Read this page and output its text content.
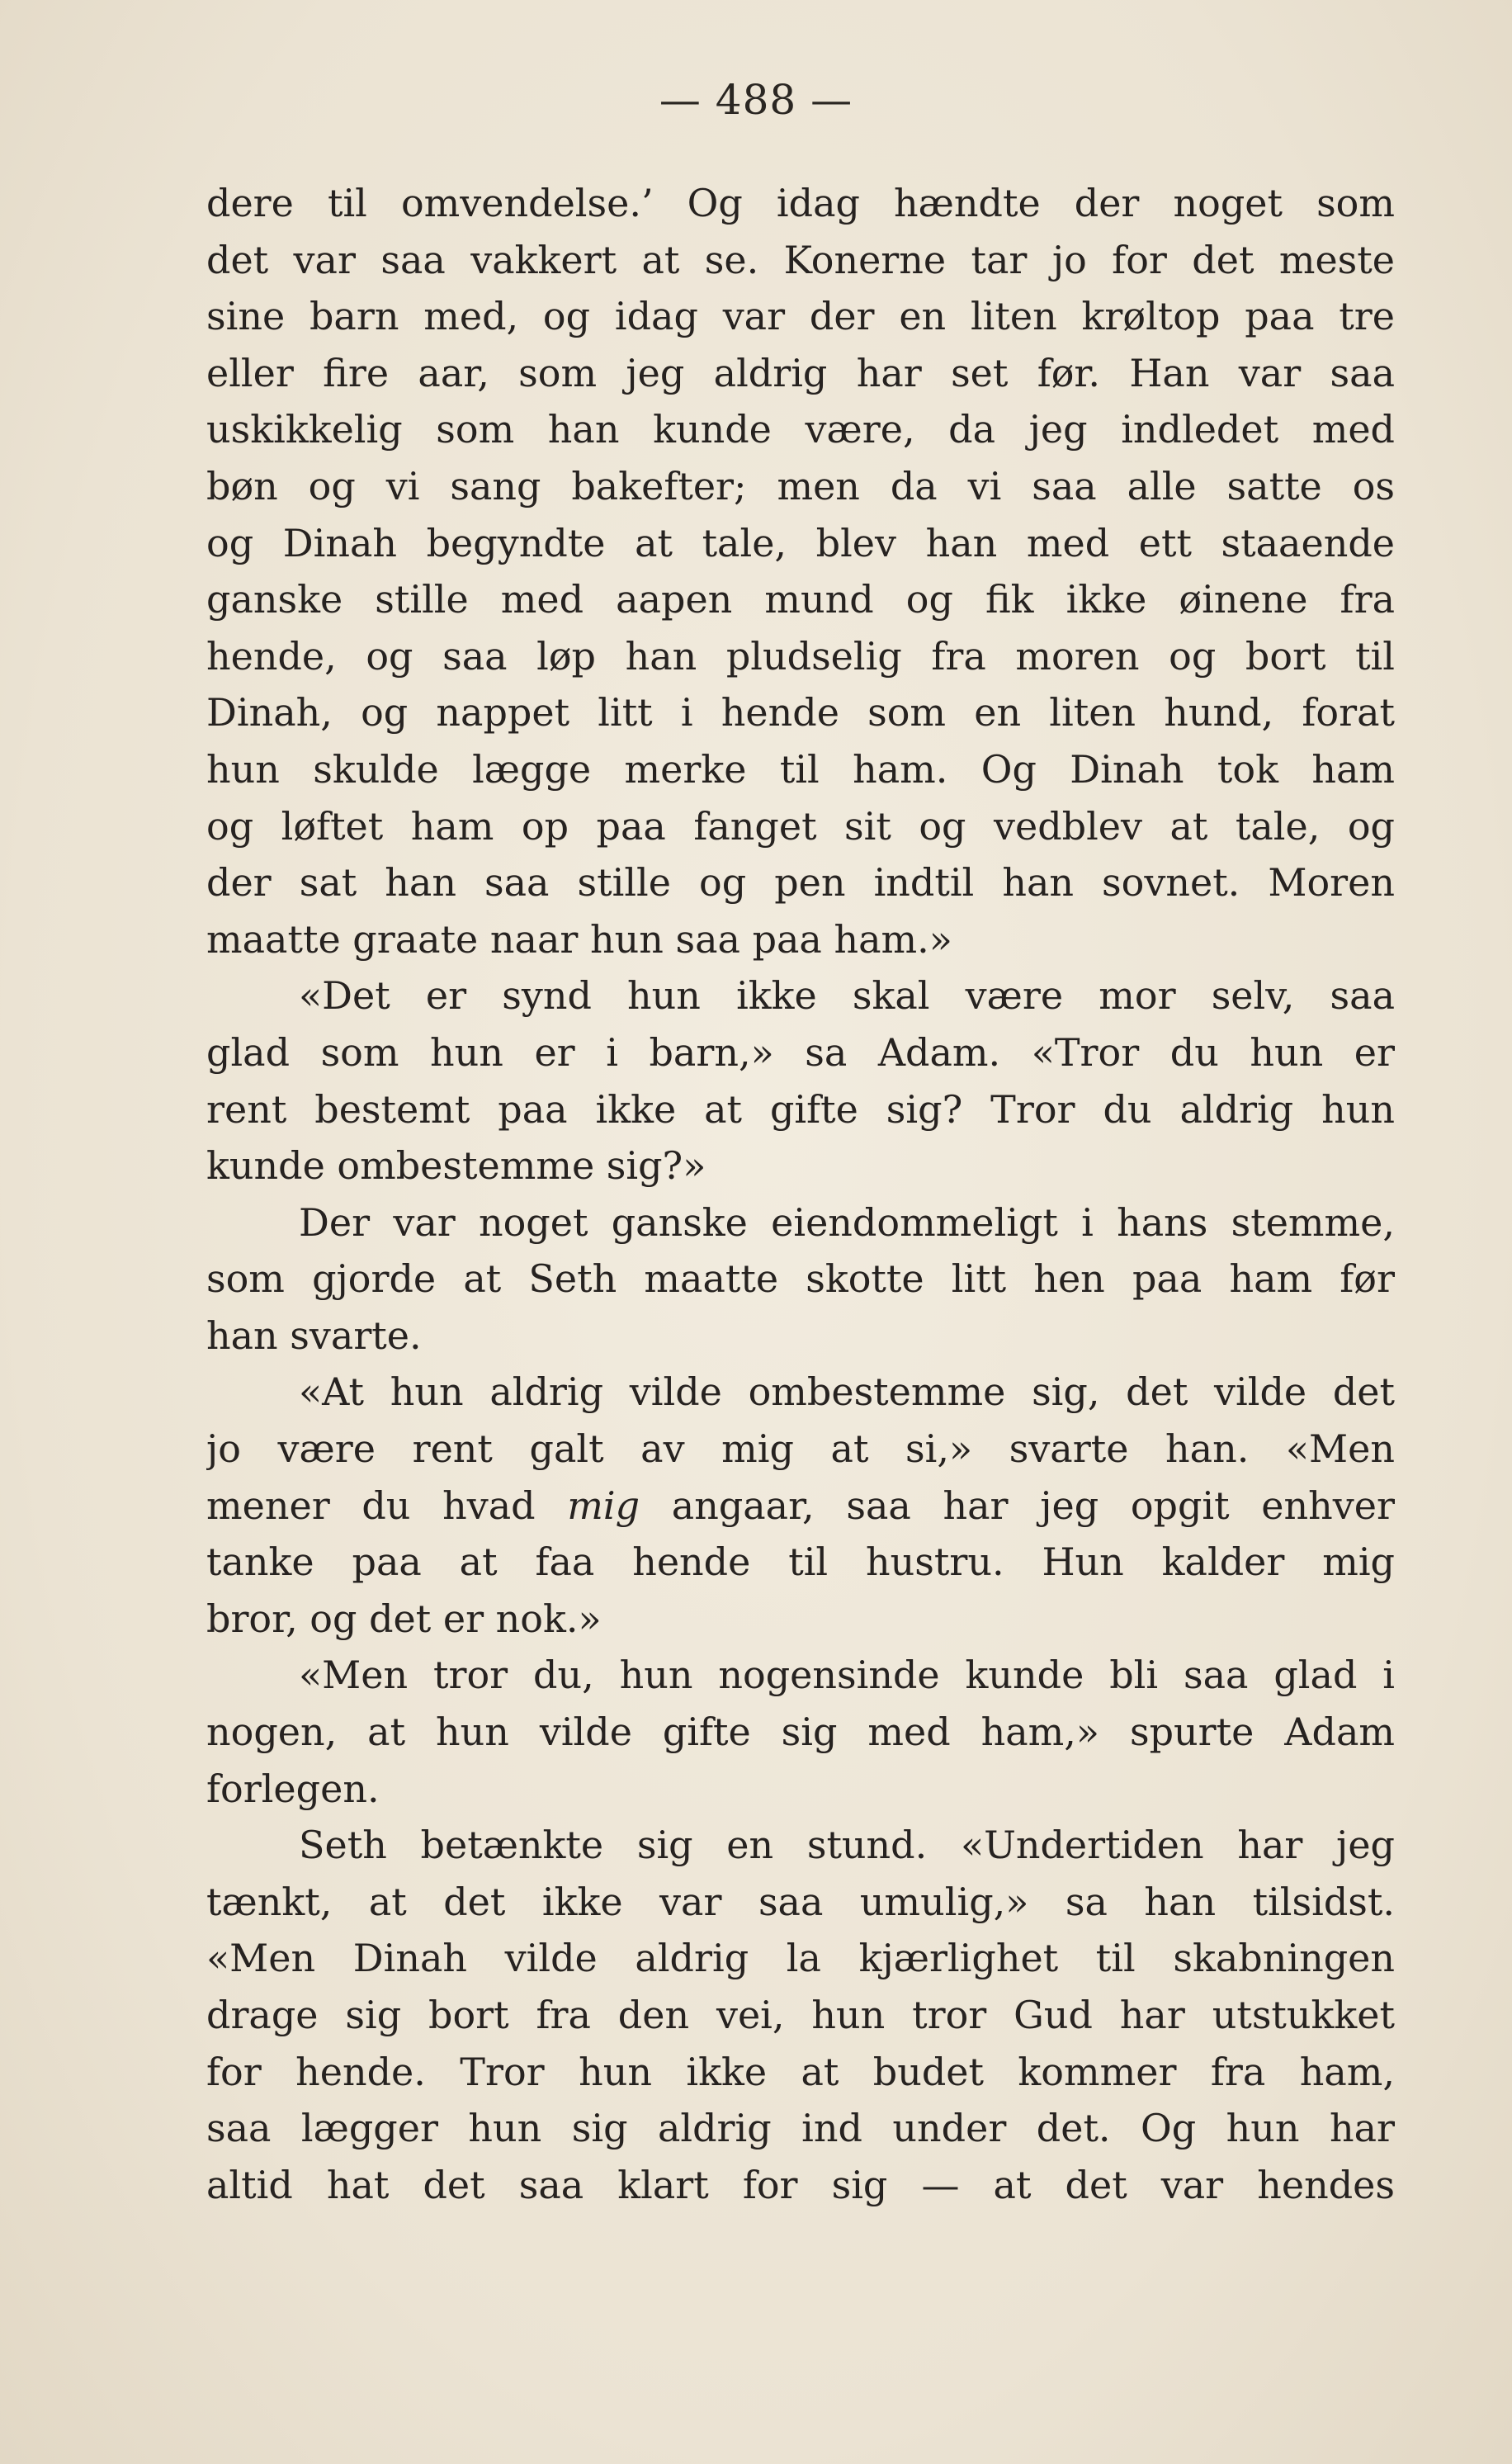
— 488 —
dere til omvendelse.’ Og idag hændte der noget som
det var saa vakkert at se. Konerne tar jo for det meste
sine barn med, og idag var der en liten krøltop paa tre
eller fire aar, som jeg aldrig har set før. Han var saa
uskikkelig som han kunde være, da jeg indledet med
bøn og vi sang bakefter; men da vi saa alle satte os
og Dinah begyndte at tale, blev han med ett staaende
ganske stille med aapen mund og fik ikke øinene fra
hende, og saa løp han pludselig fra moren og bort til
Dinah, og nappet litt i hende som en liten hund, forat
hun skulde lægge merke til ham. Og Dinah tok ham
og løftet ham op paa fanget sit og vedblev at tale, og
der sat han saa stille og pen indtil han sovnet. Moren
maatte graate naar hun saa paa ham.»
«Det er synd hun ikke skal være mor selv, saa
glad som hun er i barn,» sa Adam. «Tror du hun er
rent bestemt paa ikke at gifte sig? Tror du aldrig hun
kunde ombestemme sig?»
Der var noget ganske eiendommeligt i hans stemme,
som gjorde at Seth maatte skotte litt hen paa ham før
han svarte.
«At hun aldrig vilde ombestemme sig, det vilde det
jo være rent galt av mig at si,» svarte han. «Men
mener du hvad mig angaar, saa har jeg opgit enhver
tanke paa at faa hende til hustru. Hun kalder mig
bror, og det er nok.»
«Men tror du, hun nogensinde kunde bli saa glad i
nogen, at hun vilde gifte sig med ham,» spurte Adam
forlegen.
Seth betænkte sig en stund. «Undertiden har jeg
tænkt, at det ikke var saa umulig,» sa han tilsidst.
«Men Dinah vilde aldrig la kjærlighet til skabningen
drage sig bort fra den vei, hun tror Gud har utstukket
for hende. Tror hun ikke at budet kommer fra ham,
saa lægger hun sig aldrig ind under det. Og hun har
altid hat det saa klart for sig — at det var hendes
